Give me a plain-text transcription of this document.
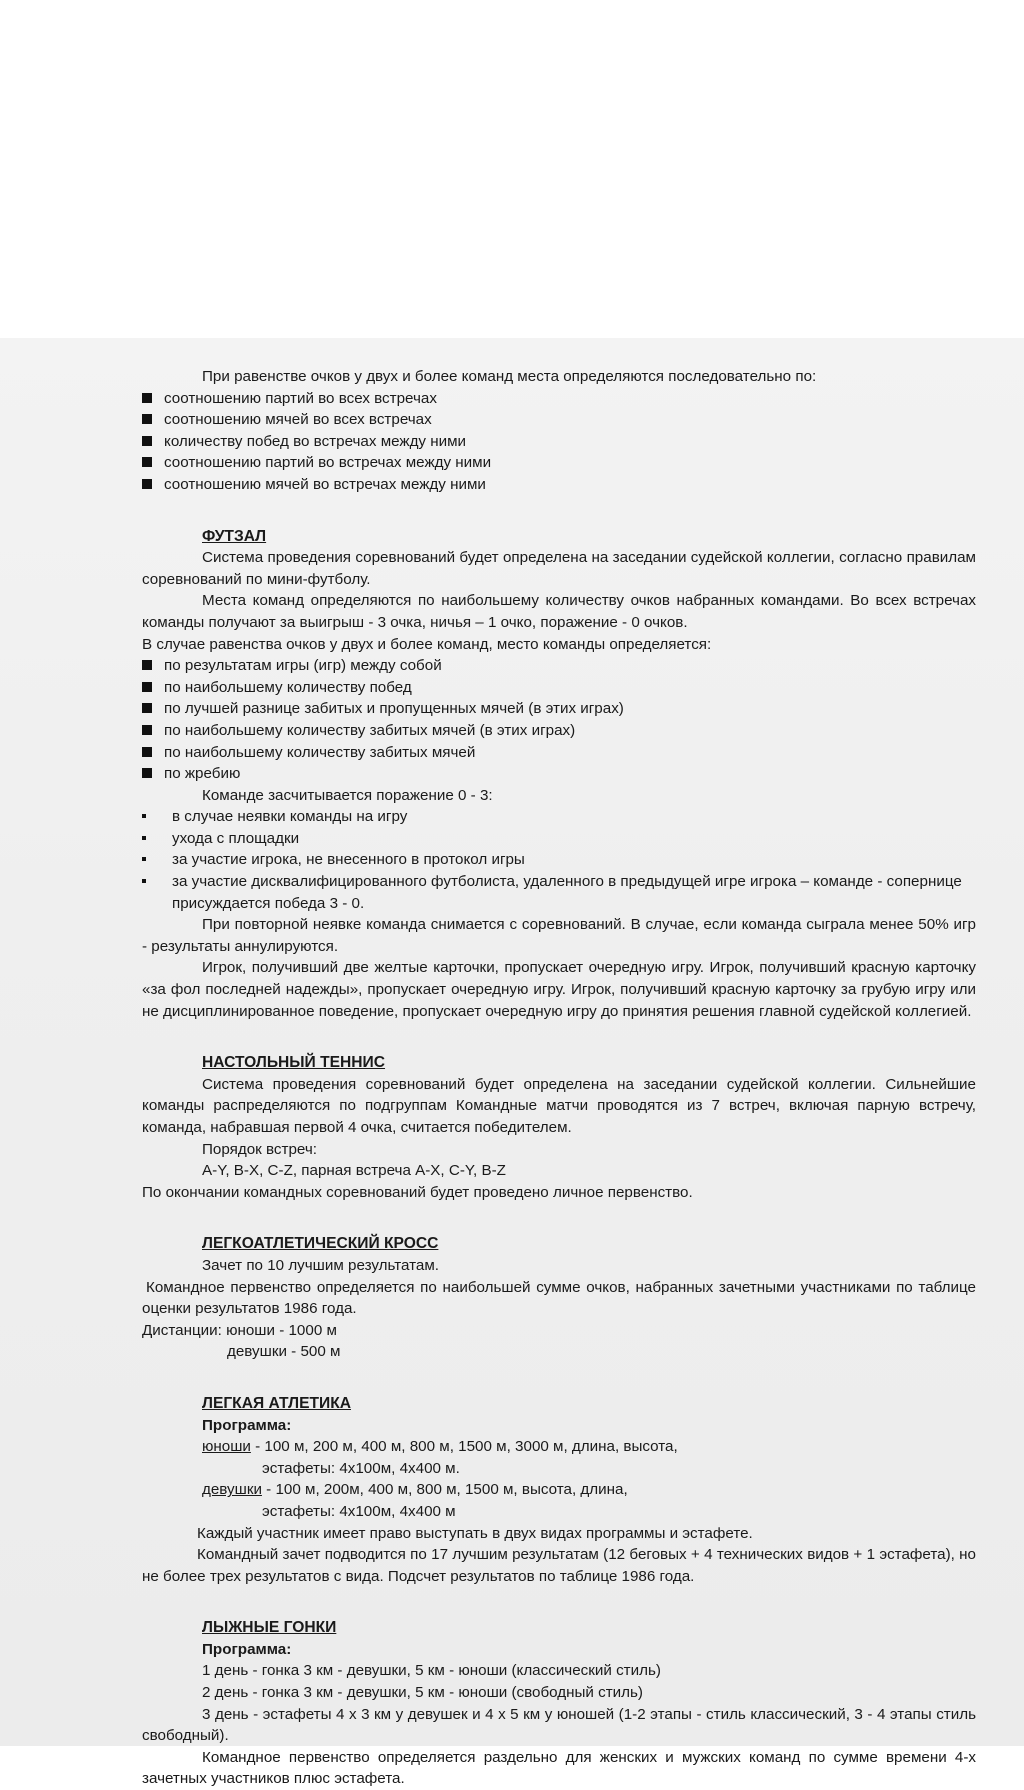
При равенстве очков у двух и более команд места определяются последовательно по:

соотношению партий во всех встречах
соотношению мячей во всех встречах
количеству побед во встречах между ними
соотношению партий во встречах между ними
соотношению мячей во встречах между ними
ФУТЗАЛ

Система проведения соревнований будет определена на заседании судейской коллегии, согласно правилам соревнований по мини-футболу.

Места команд определяются по наибольшему количеству очков набранных командами. Во всех встречах команды получают за выигрыш - 3 очка, ничья – 1 очко, поражение - 0 очков.

В случае равенства очков у двух и более команд, место команды определяется:

по результатам игры (игр) между собой
по наибольшему количеству побед
по лучшей разнице забитых и пропущенных мячей (в этих играх)
по наибольшему количеству забитых мячей (в этих играх)
по наибольшему количеству забитых мячей
по жребию

Команде засчитывается поражение 0 - 3:

в случае неявки команды на игру
ухода с площадки
за участие игрока, не внесенного в протокол игры
за участие дисквалифицированного футболиста, удаленного в предыдущей игре игрока – команде - сопернице присуждается победа 3 - 0.

При повторной неявке команда снимается с соревнований. В случае, если команда сыграла менее 50% игр - результаты аннулируются.

Игрок, получивший две желтые карточки, пропускает очередную игру. Игрок, получивший красную карточку «за фол последней надежды», пропускает очередную игру. Игрок, получивший красную карточку за грубую игру или не дисциплинированное поведение, пропускает очередную игру до принятия решения главной судейской коллегией.

НАСТОЛЬНЫЙ ТЕННИС

Система проведения соревнований будет определена на заседании судейской коллегии. Сильнейшие команды распределяются по подгруппам Командные матчи проводятся из 7 встреч, включая парную встречу, команда, набравшая первой 4 очка, считается победителем.

Порядок встреч:

A-Y, B-X, C-Z, парная встреча A-X, C-Y, B-Z

По окончании командных соревнований будет проведено личное первенство.

ЛЕГКОАТЛЕТИЧЕСКИЙ КРОСС

Зачет по 10 лучшим результатам.

Командное первенство определяется по наибольшей сумме очков, набранных зачетными участниками по таблице оценки результатов 1986 года.

Дистанции: юноши - 1000 м

девушки - 500 м

ЛЕГКАЯ АТЛЕТИКА
Программа:

юноши - 100 м, 200 м, 400 м, 800 м, 1500 м, 3000 м, длина, высота,

эстафеты: 4х100м, 4х400 м.

девушки - 100 м, 200м, 400 м, 800 м, 1500 м, высота, длина,

эстафеты: 4х100м, 4х400 м

Каждый участник имеет право выступать в двух видах программы и эстафете.

Командный зачет подводится по 17 лучшим результатам (12 беговых + 4 технических видов + 1 эстафета), но не более трех результатов с вида. Подсчет результатов по таблице 1986 года.

ЛЫЖНЫЕ ГОНКИ
Программа:

1 день - гонка 3 км - девушки, 5 км - юноши (классический стиль)

2 день - гонка 3 км - девушки, 5 км - юноши (свободный стиль)

3 день - эстафеты 4 х 3 км у девушек и 4 х 5 км у юношей (1-2 этапы - стиль классический, 3 - 4 этапы стиль свободный).

Командное первенство определяется раздельно для женских и мужских команд по сумме времени 4-х зачетных участников плюс эстафета.
